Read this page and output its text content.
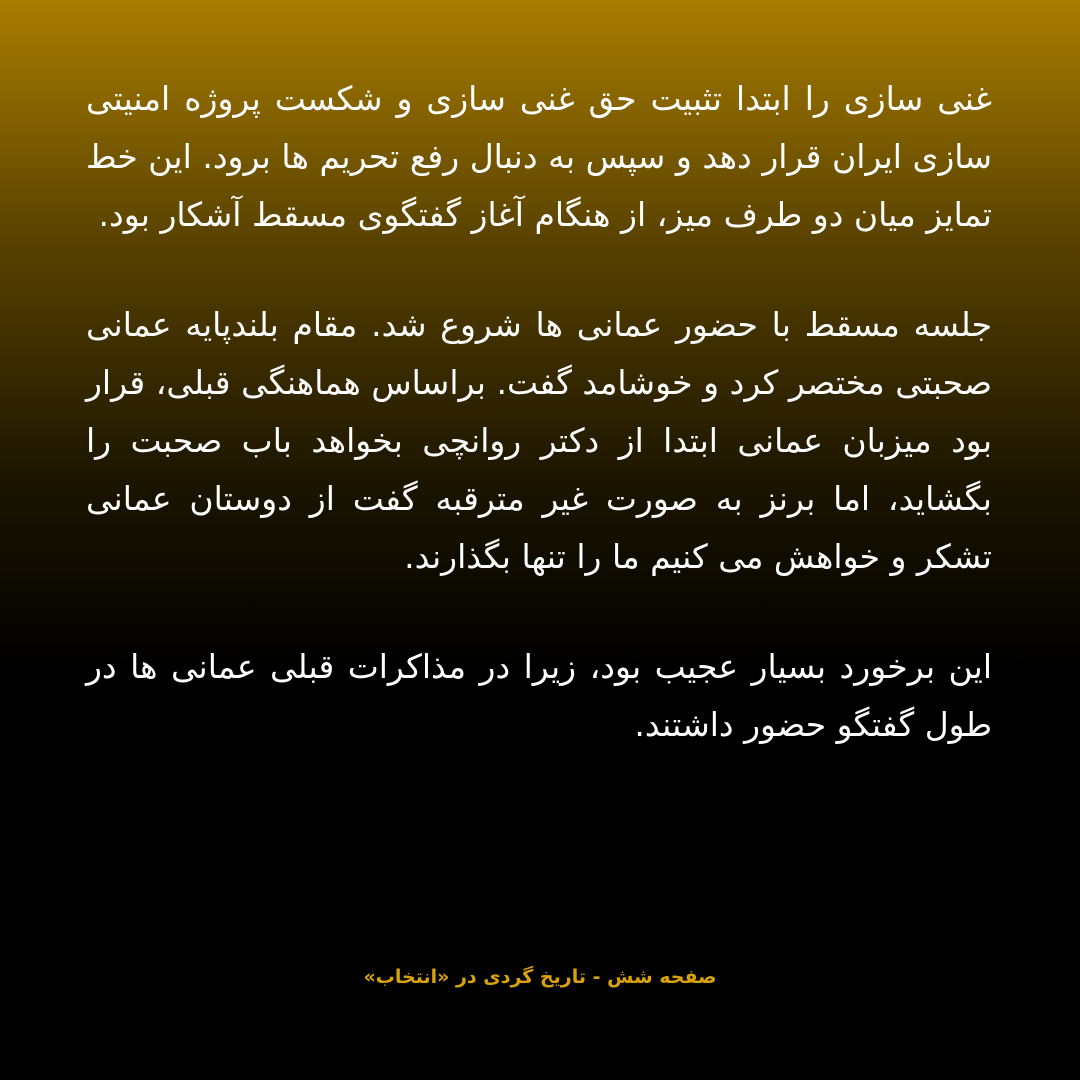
غنی سازی را ابتدا تثبیت حق غنی سازی و شکست پروژه امنیتی سازی ایران قرار دهد و سپس به دنبال رفع تحریم ها برود. این خط تمایز میان دو طرف میز، از هنگام آغاز گفتگوی مسقط آشکار بود.

جلسه مسقط با حضور عمانی ها شروع شد. مقام بلندپایه عمانی صحبتی مختصر کرد و خوشامد گفت. براساس هماهنگی قبلی، قرار بود میزبان عمانی ابتدا از دکتر روانچی بخواهد باب صحبت را بگشاید، اما برنز به صورت غیر مترقبه گفت از دوستان عمانی تشکر و خواهش می کنیم ما را تنها بگذارند.

این برخورد بسیار عجیب بود، زیرا در مذاکرات قبلی عمانی ها در طول گفتگو حضور داشتند.

صفحه شش - تاریخ گردی در «انتخاب»
